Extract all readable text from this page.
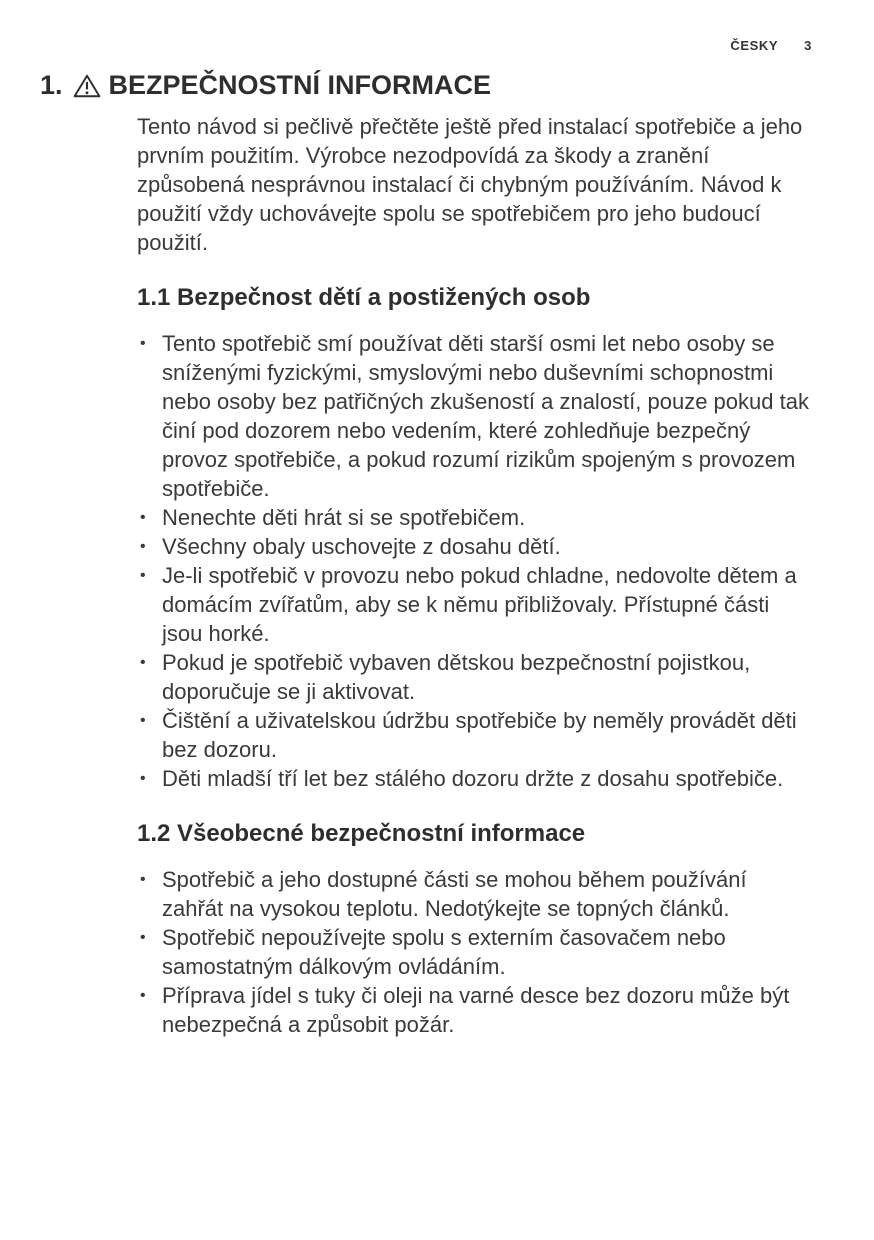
ČESKY 3
1. BEZPEČNOSTNÍ INFORMACE

Tento návod si pečlivě přečtěte ještě před instalací spotřebiče a jeho prvním použitím. Výrobce nezodpovídá za škody a zranění způsobená nesprávnou instalací či chybným používáním. Návod k použití vždy uchovávejte spolu se spotřebičem pro jeho budoucí použití.

1.1 Bezpečnost dětí a postižených osob
• Tento spotřebič smí používat děti starší osmi let nebo osoby se sníženými fyzickými, smyslovými nebo duševními schopnostmi nebo osoby bez patřičných zkušeností a znalostí, pouze pokud tak činí pod dozorem nebo vedením, které zohledňuje bezpečný provoz spotřebiče, a pokud rozumí rizikům spojeným s provozem spotřebiče.
• Nenechte děti hrát si se spotřebičem.
• Všechny obaly uschovejte z dosahu dětí.
• Je-li spotřebič v provozu nebo pokud chladne, nedovolte dětem a domácím zvířatům, aby se k němu přibližovaly. Přístupné části jsou horké.
• Pokud je spotřebič vybaven dětskou bezpečnostní pojistkou, doporučuje se ji aktivovat.
• Čištění a uživatelskou údržbu spotřebiče by neměly provádět děti bez dozoru.
• Děti mladší tří let bez stálého dozoru držte z dosahu spotřebiče.
1.2 Všeobecné bezpečnostní informace
• Spotřebič a jeho dostupné části se mohou během používání zahřát na vysokou teplotu. Nedotýkejte se topných článků.
• Spotřebič nepoužívejte spolu s externím časovačem nebo samostatným dálkovým ovládáním.
• Příprava jídel s tuky či oleji na varné desce bez dozoru může být nebezpečná a způsobit požár.
